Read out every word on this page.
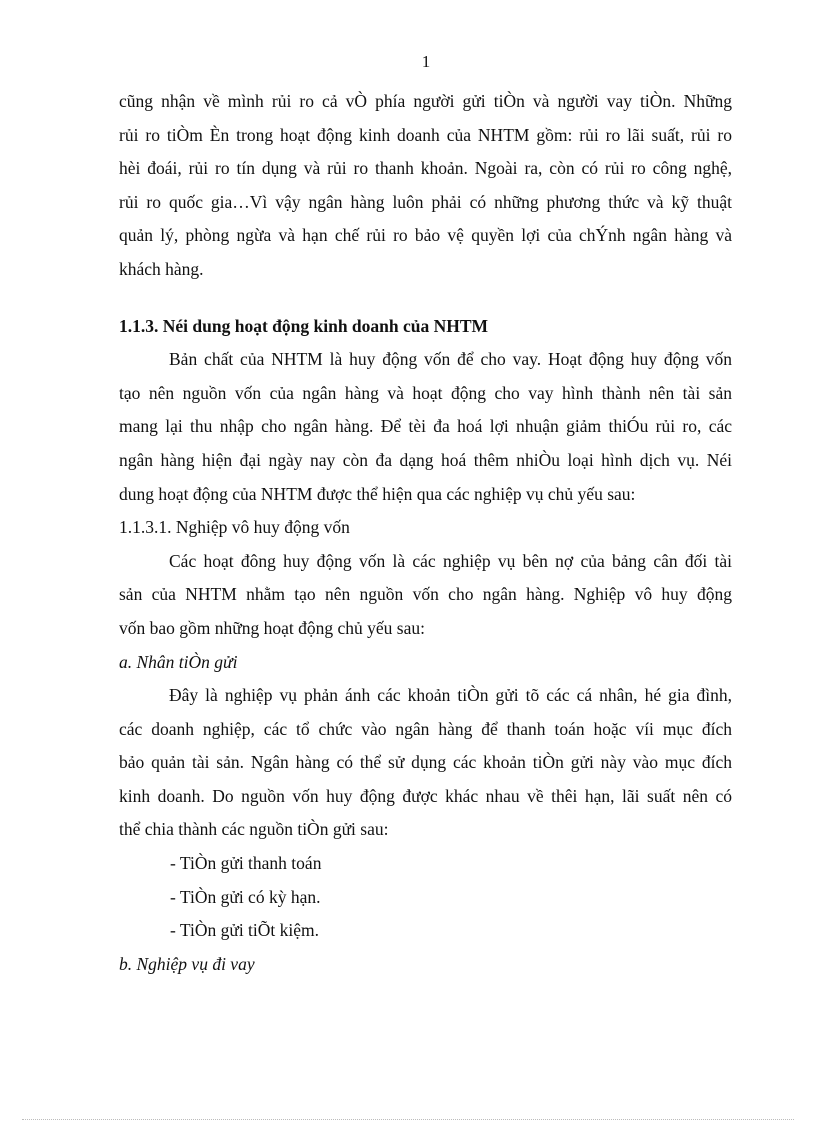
1
cũng nhận về mình rủi ro cả vÒ phía người gửi tiÒn và người vay tiÒn. Những
rủi ro tiÒm Èn trong hoạt động kinh doanh của NHTM gồm: rủi ro lãi suất, rủi ro
hèi đoái, rủi ro tín dụng và rủi ro thanh khoản. Ngoài ra, còn có rủi ro công nghệ,
rủi ro quốc gia…Vì vậy ngân hàng luôn phải có những phương thức và kỹ thuật
quản lý, phòng ngừa và hạn chế rủi ro bảo vệ quyền lợi của chÝnh ngân hàng và
khách hàng.
1.1.3. Néi dung hoạt động kinh doanh của NHTM
Bản chất của NHTM là huy động vốn để cho vay. Hoạt động huy động vốn
tạo nên nguồn vốn của ngân hàng và hoạt động cho vay hình thành nên tài sản
mang lại thu nhập cho ngân hàng. Để tèi đa hoá lợi nhuận giảm thiÓu rủi ro, các
ngân hàng hiện đại ngày nay còn đa dạng hoá thêm nhiÒu loại hình dịch vụ. Néi
dung hoạt động của NHTM được thể hiện qua các nghiệp vụ chủ yếu sau:
1.1.3.1. Nghiệp vô huy động vốn
Các hoạt đông huy động vốn là các nghiệp vụ bên nợ của bảng cân đối tài
sản của NHTM nhằm tạo nên nguồn vốn cho ngân hàng. Nghiệp vô huy động
vốn bao gồm những hoạt động chủ yếu sau:
a. Nhân tiÒn gửi
Đây là nghiệp vụ phản ánh các khoản tiÒn gửi tõ các cá nhân, hé gia đình,
các doanh nghiệp, các tổ chức vào ngân hàng để thanh toán hoặc víi mục đích
bảo quản tài sản. Ngân hàng có thể sử dụng các khoản tiÒn gửi này vào mục đích
kinh doanh. Do nguồn vốn huy động được khác nhau về thêi hạn, lãi suất nên có
thể chia thành các nguồn tiÒn gửi sau:
- TiÒn gửi thanh toán
- TiÒn gửi có kỳ hạn.
- TiÒn gửi tiÕt kiệm.
b. Nghiệp vụ đi vay
